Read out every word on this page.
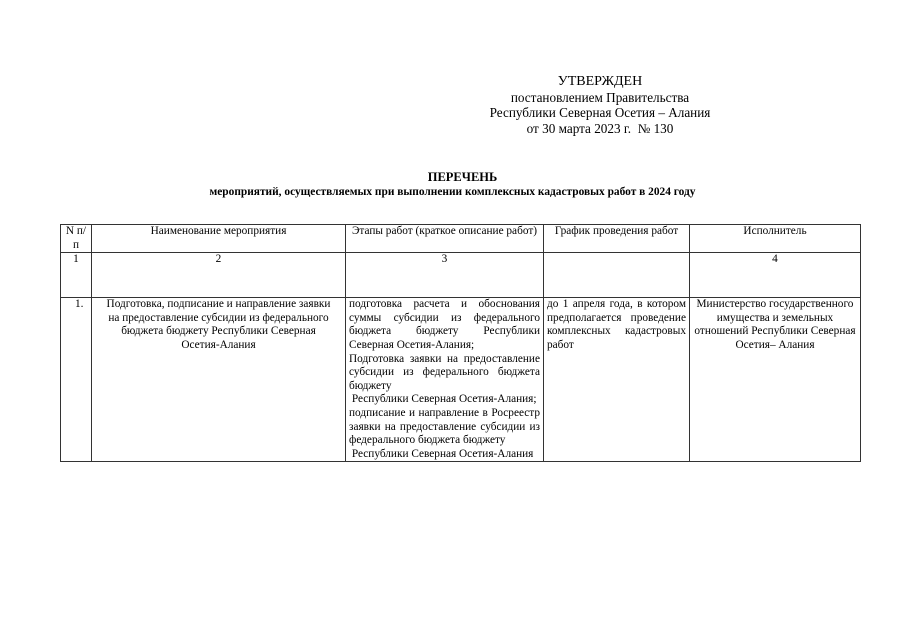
УТВЕРЖДЕН
постановлением Правительства
Республики Северная Осетия – Алания
от 30 марта 2023 г.  № 130
ПЕРЕЧЕНЬ
мероприятий, осуществляемых при выполнении комплексных кадастровых работ в 2024 году
N п/п	Наименование мероприятия	Этапы работ (краткое описание работ)	График проведения работ	Исполнитель
1	2	3		4
1.	Подготовка, подписание и направление заявки на предоставление субсидии из федерального бюджета бюджету Республики Северная Осетия-Алания	подготовка расчета и обоснования суммы субсидии из федерального бюджета бюджету Республики Северная Осетия-Алания;

Подготовка заявки на предоставление субсидии из федерального бюджета бюджету

Республики Северная Осетия-Алания;

подписание и направление в Росреестр заявки на предоставление субсидии из федерального бюджета бюджету

Республики Северная Осетия-Алания	до 1 апреля года, в котором предполагается проведение комплексных кадастровых работ	Министерство государственного имущества и земельных отношений Республики Северная Осетия– Алания
